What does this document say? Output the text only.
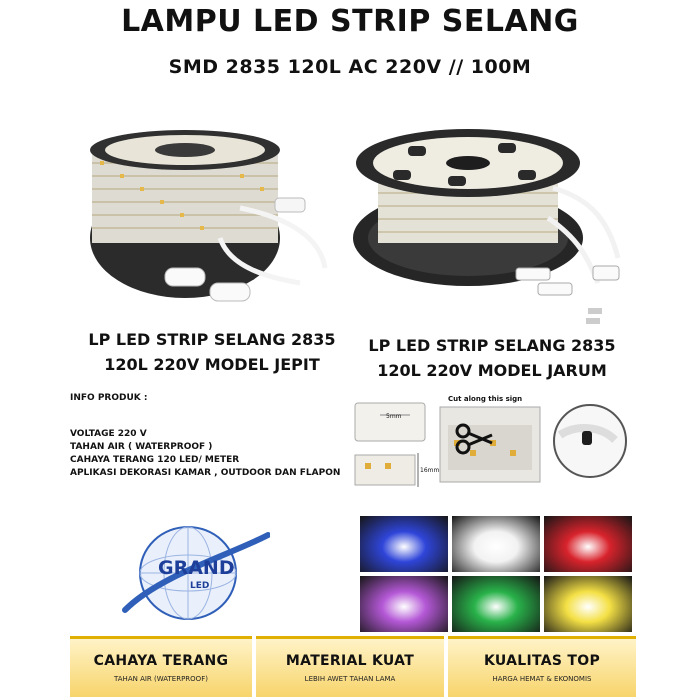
LAMPU LED STRIP SELANG
SMD 2835 120L AC 220V // 100M
LP LED STRIP SELANG 2835
120L 220V MODEL JEPIT
LP LED STRIP SELANG 2835
120L 220V MODEL JARUM
INFO PRODUK :
VOLTAGE 220 V
TAHAN AIR ( WATERPROOF )
CAHAYA TERANG 120 LED/ METER
APLIKASI DEKORASI KAMAR , OUTDOOR DAN FLAPON
Cut along this sign
5mm
16mm
GRAND
LED
CAHAYA TERANG
TAHAN AIR (WATERPROOF)
MATERIAL KUAT
LEBIH AWET TAHAN LAMA
KUALITAS TOP
HARGA HEMAT & EKONOMIS
